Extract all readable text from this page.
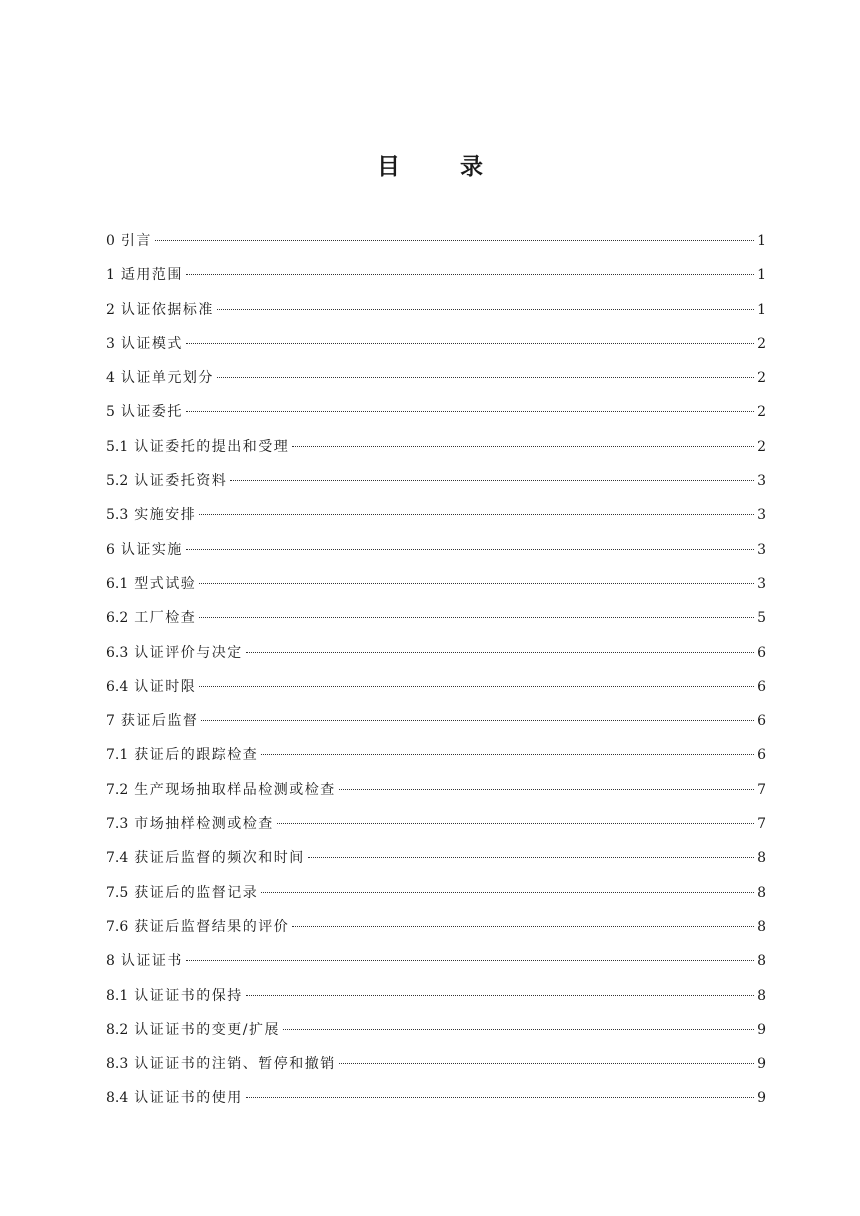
目 录
0 引言	1
1 适用范围	1
2 认证依据标准	1
3 认证模式	2
4 认证单元划分	2
5 认证委托	2
5.1 认证委托的提出和受理	2
5.2 认证委托资料	3
5.3 实施安排	3
6 认证实施	3
6.1 型式试验	3
6.2 工厂检查	5
6.3 认证评价与决定	6
6.4 认证时限	6
7 获证后监督	6
7.1 获证后的跟踪检查	6
7.2 生产现场抽取样品检测或检查	7
7.3 市场抽样检测或检查	7
7.4 获证后监督的频次和时间	8
7.5 获证后的监督记录	8
7.6 获证后监督结果的评价	8
8 认证证书	8
8.1 认证证书的保持	8
8.2 认证证书的变更/扩展	9
8.3 认证证书的注销、暂停和撤销	9
8.4 认证证书的使用	9
